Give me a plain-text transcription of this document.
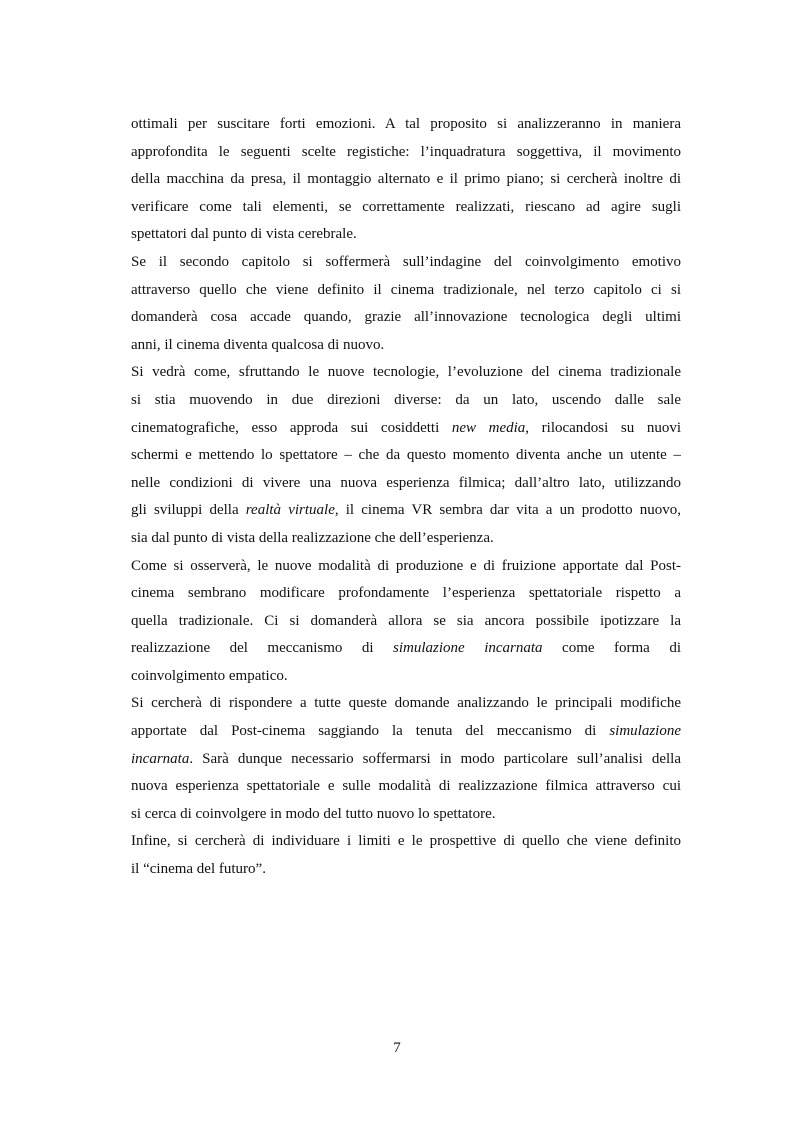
ottimali per suscitare forti emozioni. A tal proposito si analizzeranno in maniera
approfondita le seguenti scelte registiche: l’inquadratura soggettiva, il movimento
della macchina da presa, il montaggio alternato e il primo piano; si cercherà inoltre di
verificare come tali elementi, se correttamente realizzati, riescano ad agire sugli
spettatori dal punto di vista cerebrale.
Se il secondo capitolo si soffermerà sull’indagine del coinvolgimento emotivo
attraverso quello che viene definito il cinema tradizionale, nel terzo capitolo ci si
domanderà cosa accade quando, grazie all’innovazione tecnologica degli ultimi
anni, il cinema diventa qualcosa di nuovo.
Si vedrà come, sfruttando le nuove tecnologie, l’evoluzione del cinema tradizionale
si stia muovendo in due direzioni diverse: da un lato, uscendo dalle sale
cinematografiche, esso approda sui cosiddetti new media, rilocandosi su nuovi
schermi e mettendo lo spettatore – che da questo momento diventa anche un utente –
nelle condizioni di vivere una nuova esperienza filmica; dall’altro lato, utilizzando
gli sviluppi della realtà virtuale, il cinema VR sembra dar vita a un prodotto nuovo,
sia dal punto di vista della realizzazione che dell’esperienza.
Come si osserverà, le nuove modalità di produzione e di fruizione apportate dal Post-
cinema sembrano modificare profondamente l’esperienza spettatoriale rispetto a
quella tradizionale. Ci si domanderà allora se sia ancora possibile ipotizzare la
realizzazione del meccanismo di simulazione incarnata come forma di
coinvolgimento empatico.
Si cercherà di rispondere a tutte queste domande analizzando le principali modifiche
apportate dal Post-cinema saggiando la tenuta del meccanismo di simulazione
incarnata. Sarà dunque necessario soffermarsi in modo particolare sull’analisi della
nuova esperienza spettatoriale e sulle modalità di realizzazione filmica attraverso cui
si cerca di coinvolgere in modo del tutto nuovo lo spettatore.
Infine, si cercherà di individuare i limiti e le prospettive di quello che viene definito
il “cinema del futuro”.
7
